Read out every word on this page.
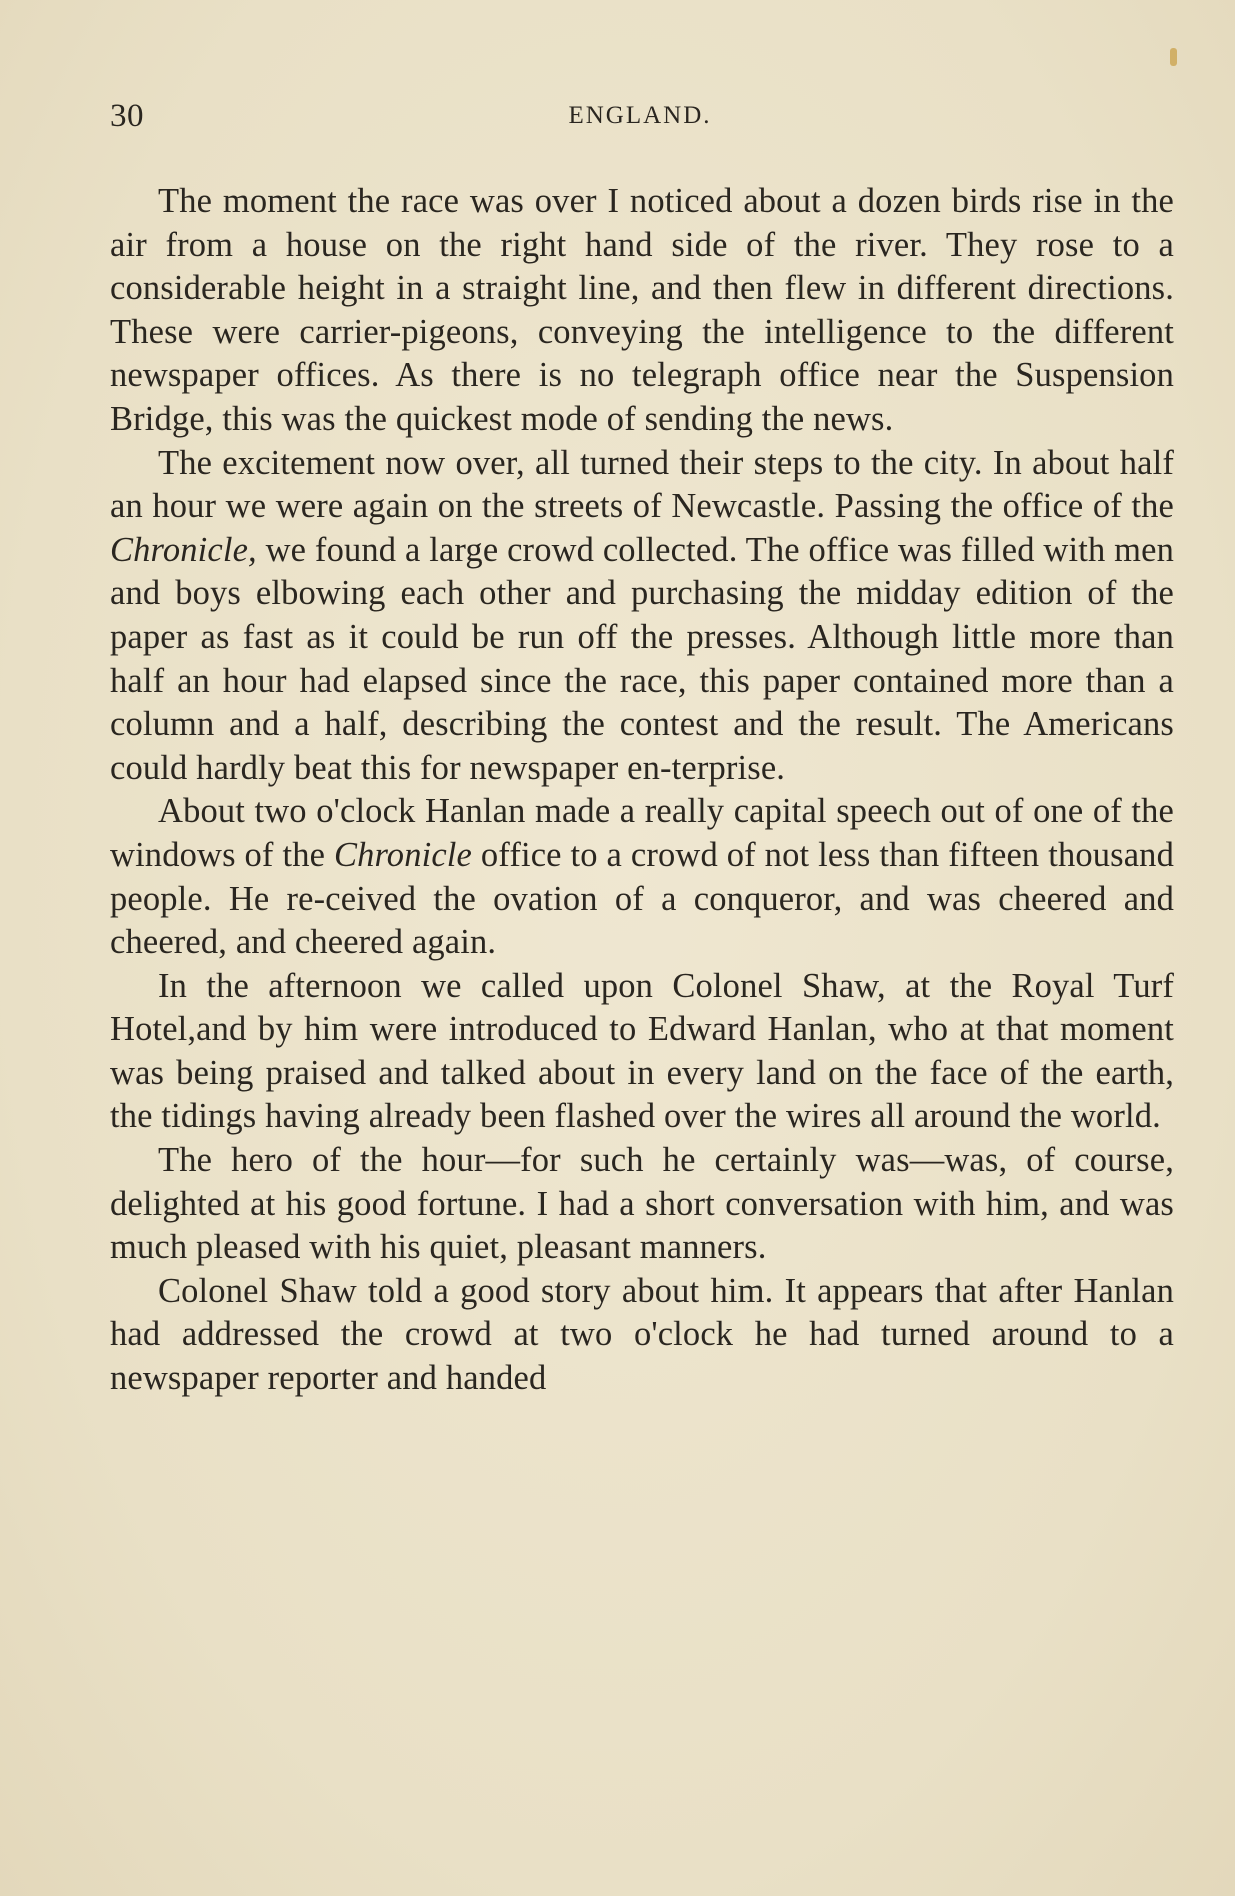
30	ENGLAND.

The moment the race was over I noticed about a dozen birds rise in the air from a house on the right hand side of the river. They rose to a considerable height in a straight line, and then flew in different directions. These were carrier-pigeons, conveying the intelligence to the different newspaper offices. As there is no telegraph office near the Suspension Bridge, this was the quickest mode of sending the news.

The excitement now over, all turned their steps to the city. In about half an hour we were again on the streets of Newcastle. Passing the office of the Chronicle, we found a large crowd collected. The office was filled with men and boys elbowing each other and purchasing the midday edition of the paper as fast as it could be run off the presses. Although little more than half an hour had elapsed since the race, this paper contained more than a column and a half, describing the contest and the result. The Americans could hardly beat this for newspaper en-terprise.

About two o'clock Hanlan made a really capital speech out of one of the windows of the Chronicle office to a crowd of not less than fifteen thousand people. He re-ceived the ovation of a conqueror, and was cheered and cheered, and cheered again.

In the afternoon we called upon Colonel Shaw, at the Royal Turf Hotel,and by him were introduced to Edward Hanlan, who at that moment was being praised and talked about in every land on the face of the earth, the tidings having already been flashed over the wires all around the world.

The hero of the hour—for such he certainly was—was, of course, delighted at his good fortune. I had a short conversation with him, and was much pleased with his quiet, pleasant manners.

Colonel Shaw told a good story about him. It appears that after Hanlan had addressed the crowd at two o'clock he had turned around to a newspaper reporter and handed
